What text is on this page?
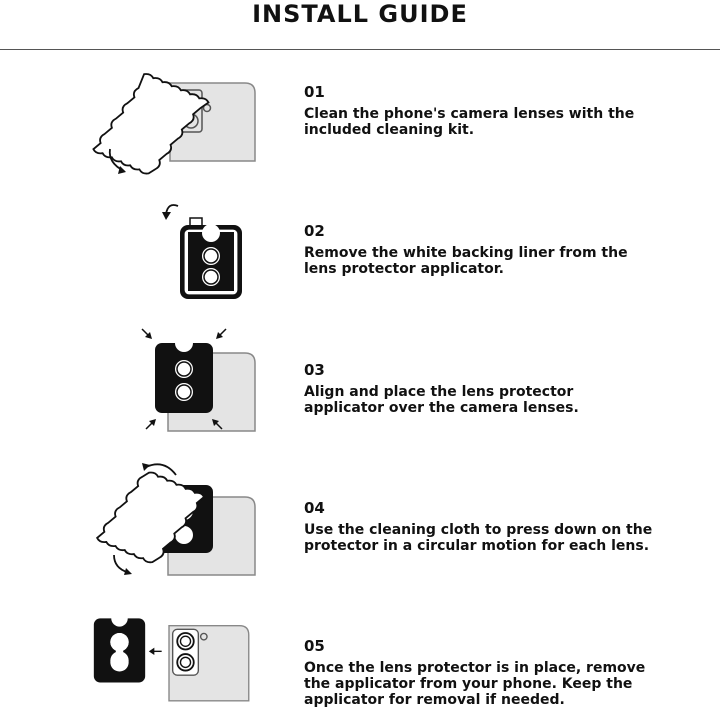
INSTALL GUIDE
01
Clean the phone's camera lenses with the
included cleaning kit.
02
Remove the white backing liner from the
lens protector applicator.
03
Align and place the lens protector
applicator over the camera lenses.
04
Use the cleaning cloth to press down on the
protector in a circular motion for each lens.
05
Once the lens protector is in place, remove
the applicator from your phone. Keep the
applicator for removal if needed.
